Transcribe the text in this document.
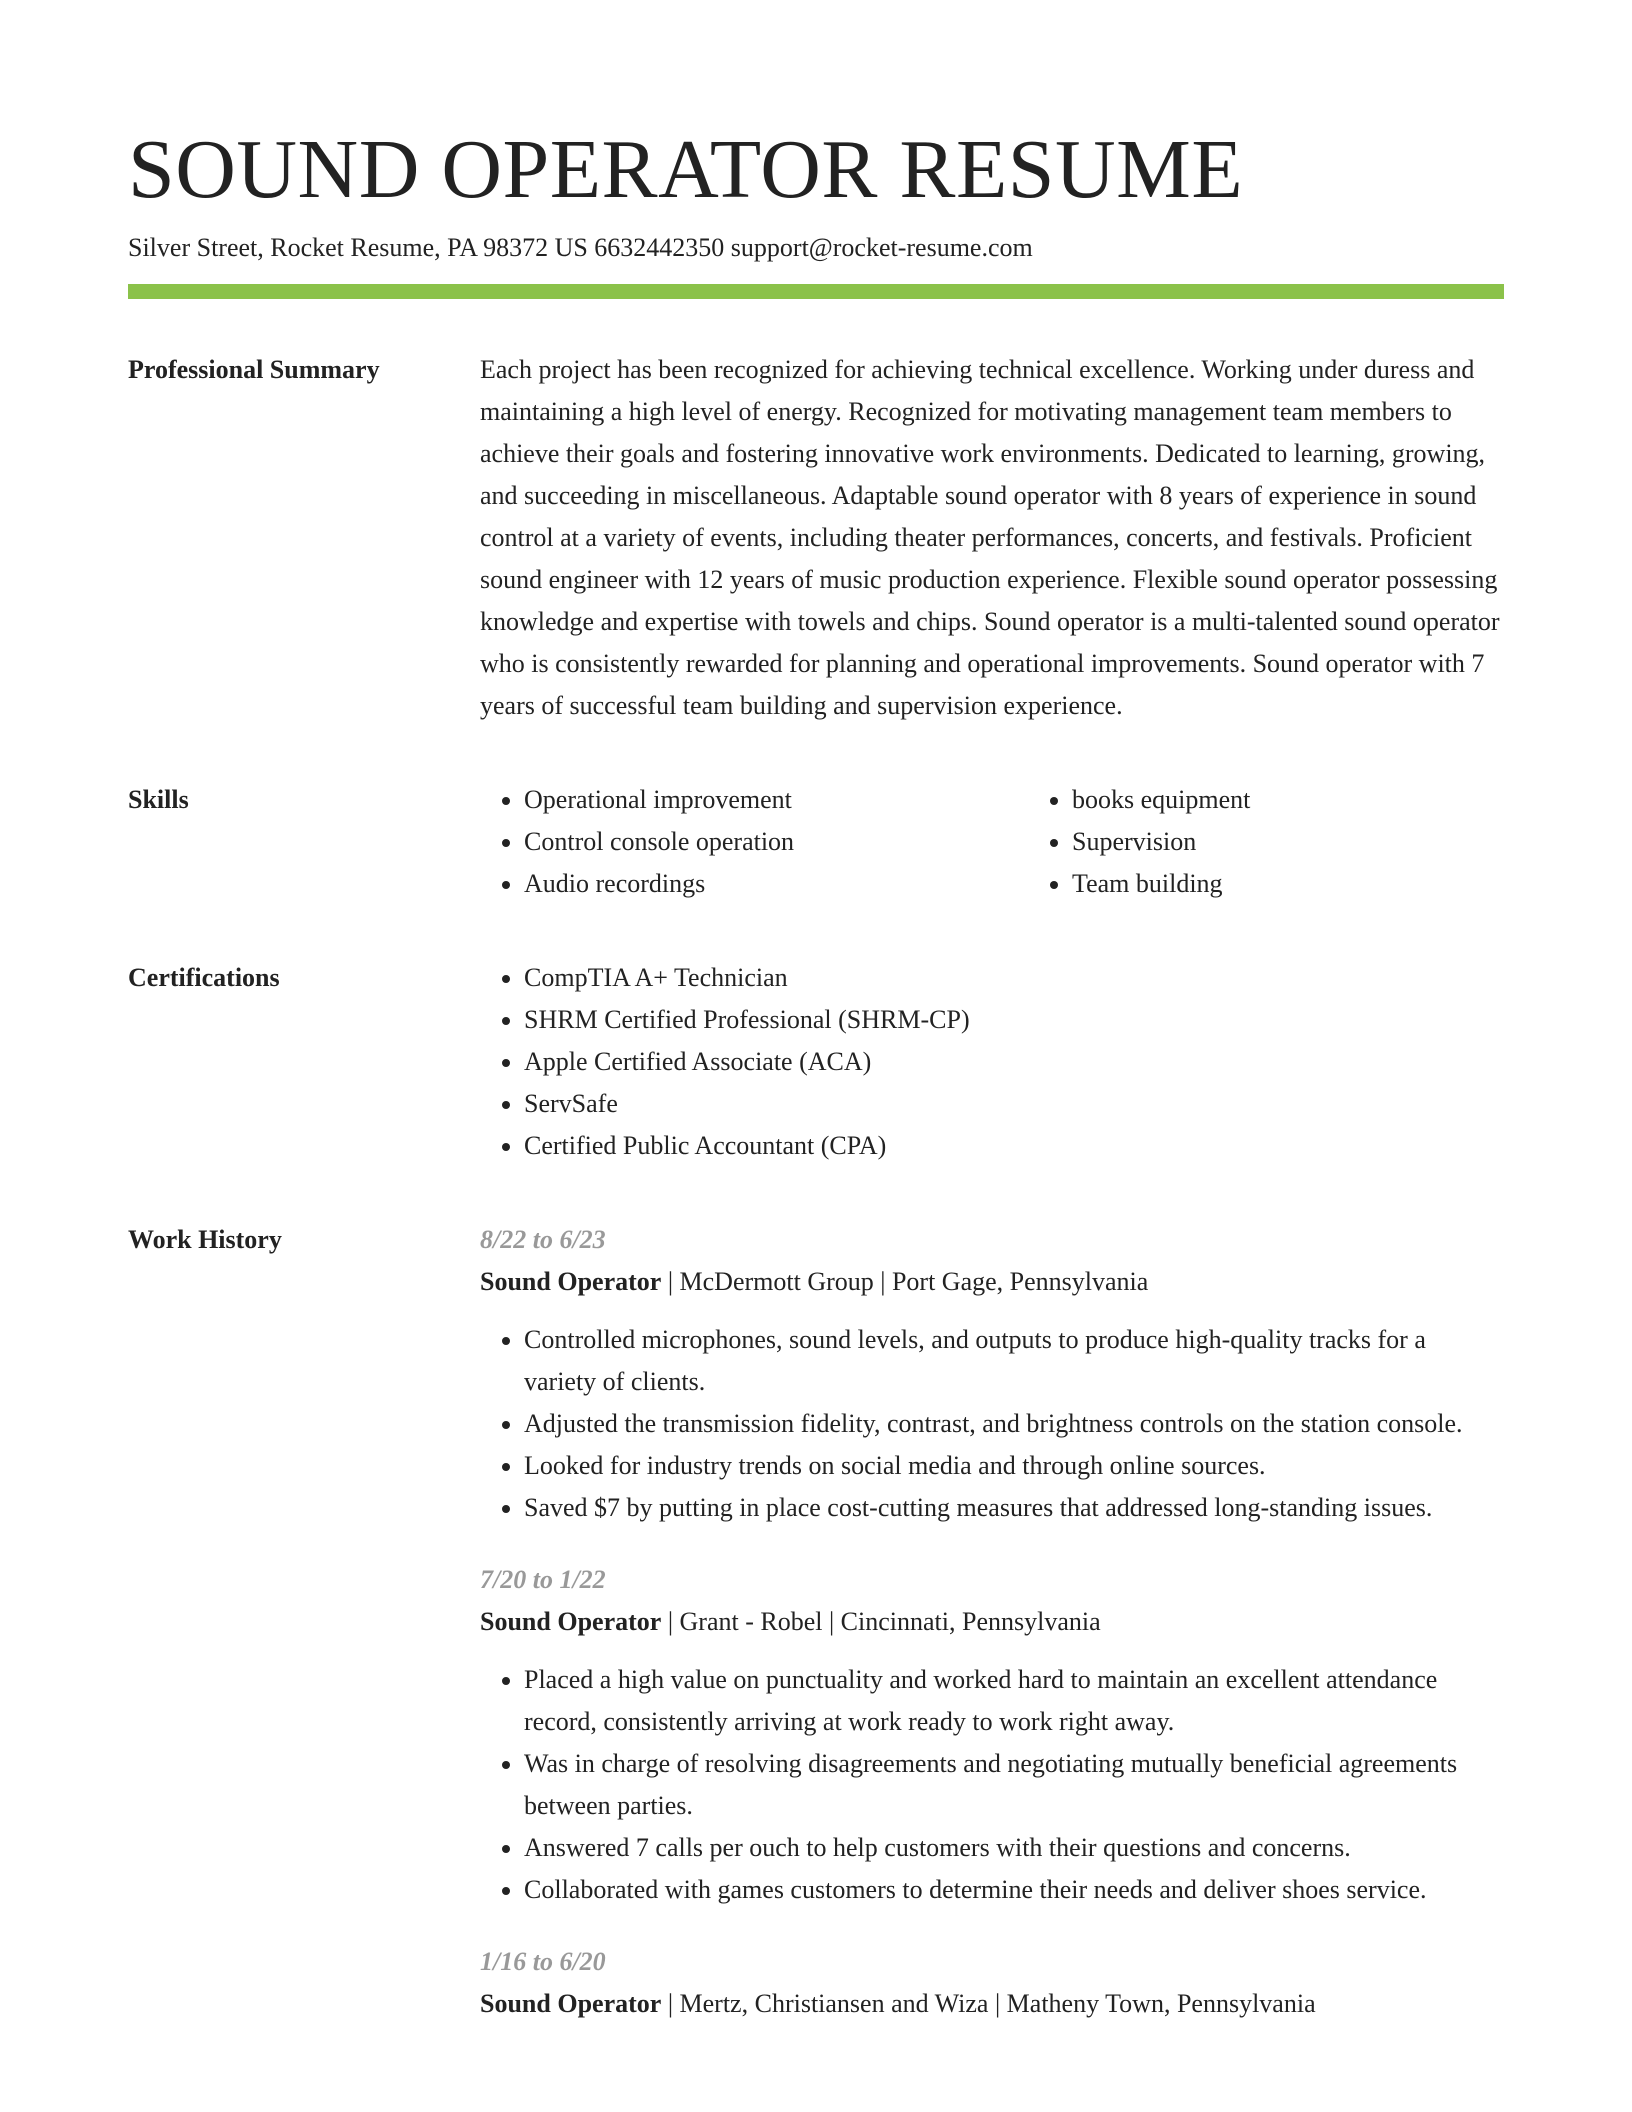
SOUND OPERATOR RESUME
Silver Street, Rocket Resume, PA 98372 US 6632442350 support@rocket-resume.com
Professional Summary	Each project has been recognized for achieving technical excellence. Working under duress and maintaining a high level of energy. Recognized for motivating management team members to achieve their goals and fostering innovative work environments. Dedicated to learning, growing, and succeeding in miscellaneous. Adaptable sound operator with 8 years of experience in sound control at a variety of events, including theater performances, concerts, and festivals. Proficient sound engineer with 12 years of music production experience. Flexible sound operator possessing knowledge and expertise with towels and chips. Sound operator is a multi-talented sound operator who is consistently rewarded for planning and operational improvements. Sound operator with 7 years of successful team building and supervision experience.

Skills	• Operational improvement
• Control console operation
• Audio recordings
• books equipment
• Supervision
• Team building
Certifications	• CompTIA A+ Technician
• SHRM Certified Professional (SHRM-CP)
• Apple Certified Associate (ACA)
• ServSafe
• Certified Public Accountant (CPA)
Work History	8/22 to 6/23
Sound Operator | McDermott Group | Port Gage, Pennsylvania
• Controlled microphones, sound levels, and outputs to produce high-quality tracks for a variety of clients.
• Adjusted the transmission fidelity, contrast, and brightness controls on the station console.
• Looked for industry trends on social media and through online sources.
• Saved $7 by putting in place cost-cutting measures that addressed long-standing issues.
7/20 to 1/22
Sound Operator | Grant - Robel | Cincinnati, Pennsylvania
• Placed a high value on punctuality and worked hard to maintain an excellent attendance record, consistently arriving at work ready to work right away.
• Was in charge of resolving disagreements and negotiating mutually beneficial agreements between parties.
• Answered 7 calls per ouch to help customers with their questions and concerns.
• Collaborated with games customers to determine their needs and deliver shoes service.
1/16 to 6/20
Sound Operator | Mertz, Christiansen and Wiza | Matheny Town, Pennsylvania
